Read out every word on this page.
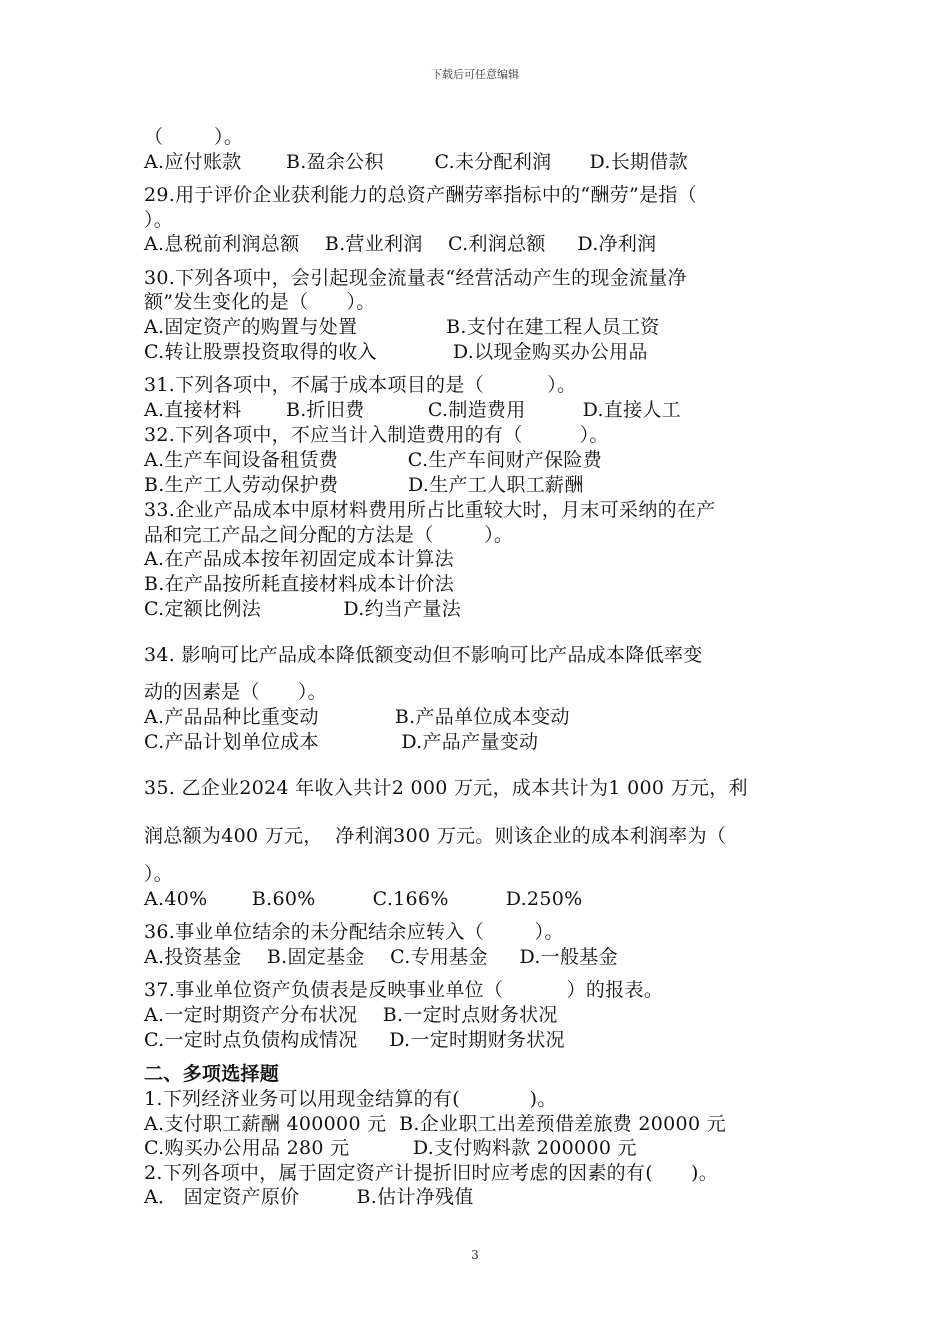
下载后可任意编辑
（        ）。
A.应付账款       B.盈余公积        C.未分配利润      D.长期借款
29.用于评价企业获利能力的总资产酬劳率指标中的“酬劳”是指（
）。
A.息税前利润总额    B.营业利润    C.利润总额     D.净利润
30.下列各项中，会引起现金流量表“经营活动产生的现金流量净
额”发生变化的是（      ）。
A.固定资产的购置与处置              B.支付在建工程人员工资
C.转让股票投资取得的收入            D.以现金购买办公用品
31.下列各项中，不属于成本项目的是（          ）。
A.直接材料       B.折旧费          C.制造费用         D.直接人工
32.下列各项中，不应当计入制造费用的有（         ）。
A.生产车间设备租赁费           C.生产车间财产保险费
B.生产工人劳动保护费           D.生产工人职工薪酬
33.企业产品成本中原材料费用所占比重较大时，月末可采纳的在产
品和完工产品之间分配的方法是（        ）。
A.在产品成本按年初固定成本计算法
B.在产品按所耗直接材料成本计价法
C.定额比例法             D.约当产量法
34. 影响可比产品成本降低额变动但不影响可比产品成本降低率变
动的因素是（      ）。
A.产品品种比重变动            B.产品单位成本变动
C.产品计划单位成本             D.产品产量变动
35. 乙企业2024 年收入共计2 000 万元，成本共计为1 000 万元，利
润总额为400 万元，  净利润300 万元。则该企业的成本利润率为（
）。
A.40%       B.60%         C.166%         D.250%
36.事业单位结余的未分配结余应转入（        ）。
A.投资基金    B.固定基金    C.专用基金     D.一般基金
37.事业单位资产负债表是反映事业单位（          ）的报表。
A.一定时期资产分布状况    B.一定时点财务状况
C.一定时点负债构成情况     D.一定时期财务状况
二、多项选择题
1.下列经济业务可以用现金结算的有(           )。
A.支付职工薪酬 400000 元  B.企业职工出差预借差旅费 20000 元
C.购买办公用品 280 元          D.支付购料款 200000 元
2.下列各项中，属于固定资产计提折旧时应考虑的因素的有(      )。
A． 固定资产原价         B.估计净残值
3
